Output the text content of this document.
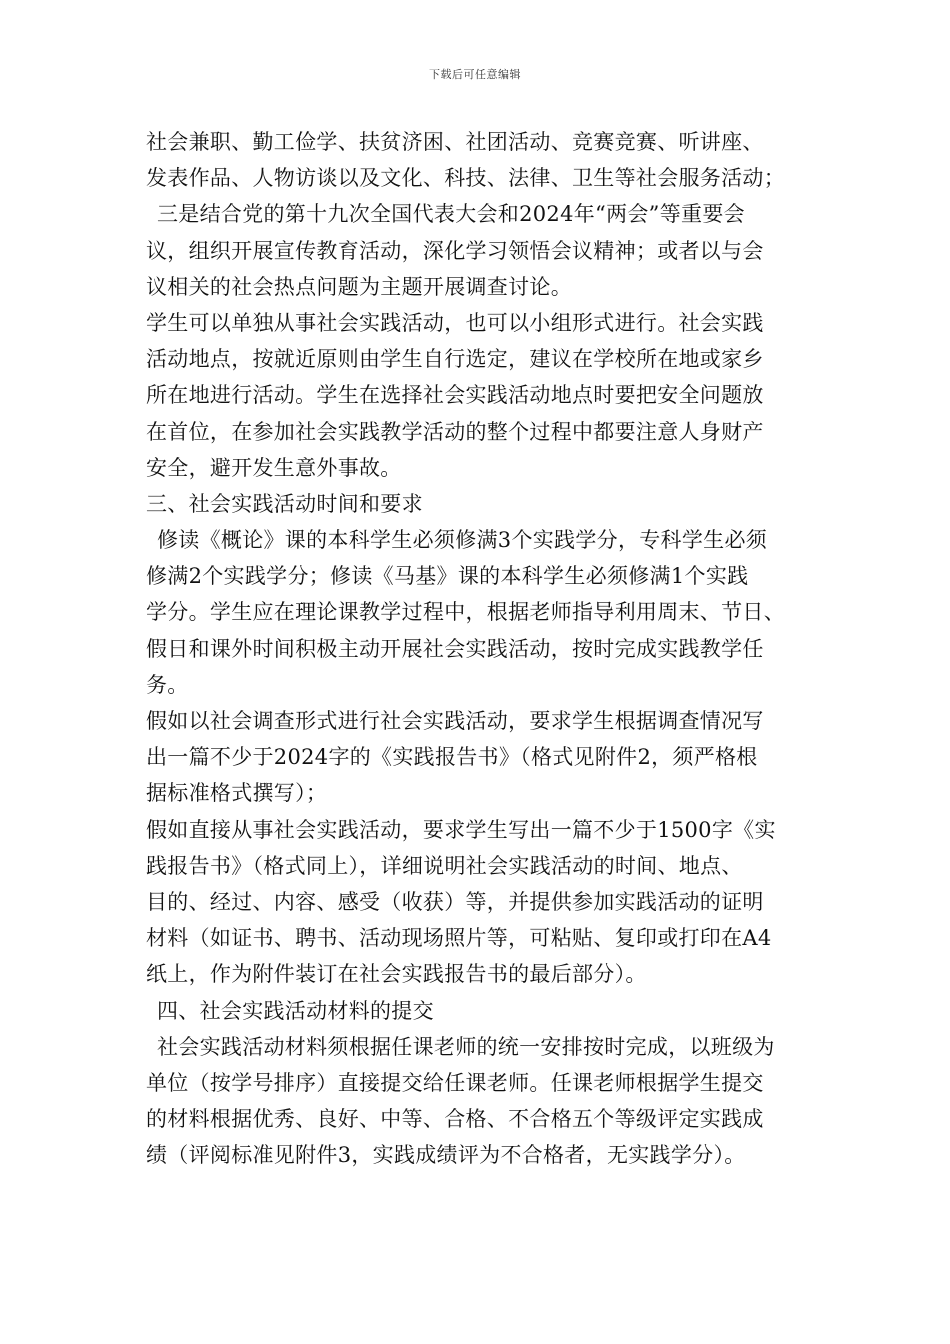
下载后可任意编辑
社会兼职、勤工俭学、扶贫济困、社团活动、竞赛竞赛、听讲座、
发表作品、人物访谈以及文化、科技、法律、卫生等社会服务活动；
三是结合党的第十九次全国代表大会和2024年“两会”等重要会
议，组织开展宣传教育活动，深化学习领悟会议精神；或者以与会
议相关的社会热点问题为主题开展调查讨论。
学生可以单独从事社会实践活动，也可以小组形式进行。社会实践
活动地点，按就近原则由学生自行选定，建议在学校所在地或家乡
所在地进行活动。学生在选择社会实践活动地点时要把安全问题放
在首位，在参加社会实践教学活动的整个过程中都要注意人身财产
安全，避开发生意外事故。
三、社会实践活动时间和要求
修读《概论》课的本科学生必须修满3个实践学分，专科学生必须
修满2个实践学分；修读《马基》课的本科学生必须修满1个实践
学分。学生应在理论课教学过程中，根据老师指导利用周末、节日、
假日和课外时间积极主动开展社会实践活动，按时完成实践教学任
务。
假如以社会调查形式进行社会实践活动，要求学生根据调查情况写
出一篇不少于2024字的《实践报告书》（格式见附件2，须严格根
据标准格式撰写）；
假如直接从事社会实践活动，要求学生写出一篇不少于1500字《实
践报告书》（格式同上），详细说明社会实践活动的时间、地点、
目的、经过、内容、感受（收获）等，并提供参加实践活动的证明
材料（如证书、聘书、活动现场照片等，可粘贴、复印或打印在A4
纸上，作为附件装订在社会实践报告书的最后部分）。
四、社会实践活动材料的提交
社会实践活动材料须根据任课老师的统一安排按时完成，以班级为
单位（按学号排序）直接提交给任课老师。任课老师根据学生提交
的材料根据优秀、良好、中等、合格、不合格五个等级评定实践成
绩（评阅标准见附件3，实践成绩评为不合格者，无实践学分）。
